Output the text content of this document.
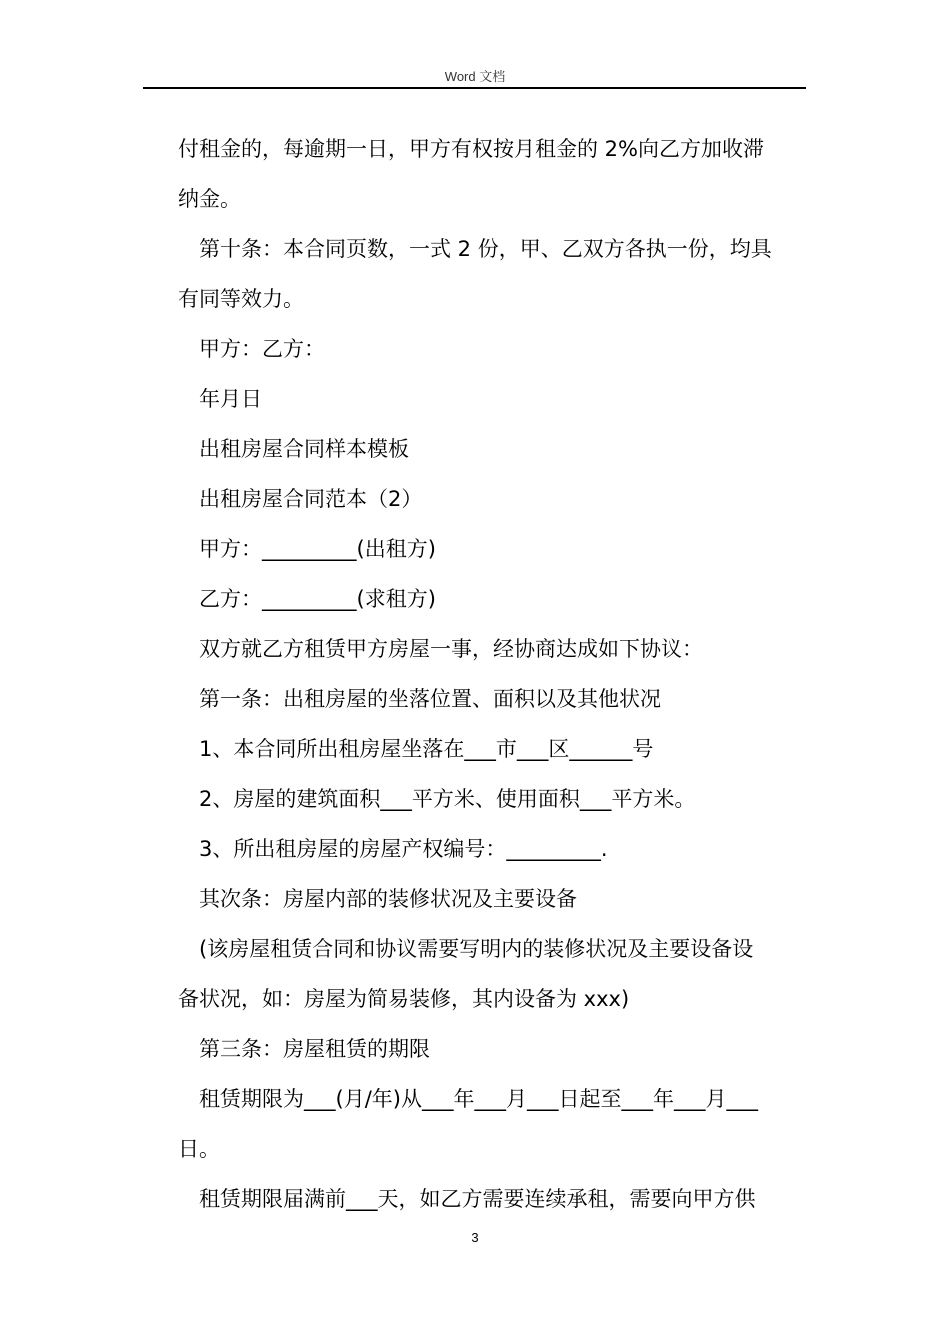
Word 文档
付租金的，每逾期一日，甲方有权按月租金的 2%向乙方加收滞
纳金。
第十条：本合同页数，一式 2 份，甲、乙双方各执一份，均具
有同等效力。
甲方：乙方：
年月日
出租房屋合同样本模板
出租房屋合同范本（2）
甲方：_________(出租方)
乙方：_________(求租方)
双方就乙方租赁甲方房屋一事，经协商达成如下协议：
第一条：出租房屋的坐落位置、面积以及其他状况
1、本合同所出租房屋坐落在___市___区______号
2、房屋的建筑面积___平方米、使用面积___平方米。
3、所出租房屋的房屋产权编号：_________.
其次条：房屋内部的装修状况及主要设备
(该房屋租赁合同和协议需要写明内的装修状况及主要设备设
备状况，如：房屋为简易装修，其内设备为 xxx)
第三条：房屋租赁的期限
租赁期限为___(月/年)从___年___月___日起至___年___月___
日。
租赁期限届满前___天，如乙方需要连续承租，需要向甲方供
3
